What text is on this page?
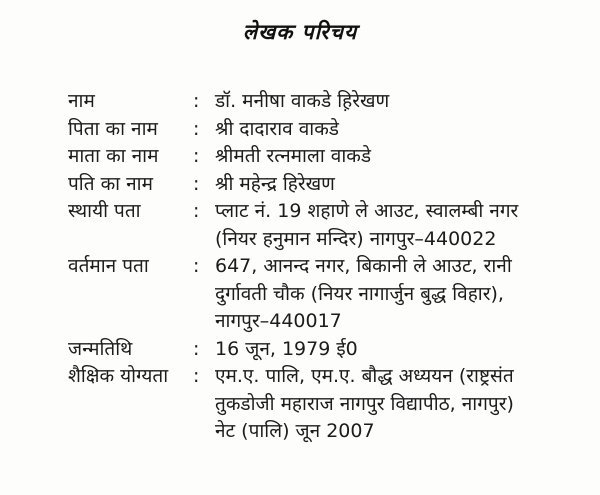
लेखक परिचय
नाम	: डॉ. मनीषा वाकडे ह़िरेखण
पिता का नाम	: श्री दादाराव वाकडे
माता का नाम	: श्रीमती रत्नमाला वाकडे
पति का नाम	: श्री महेन्द्र हिरेखण
स्थायी पता	: प्लाट नं. 19 शहाणे ले आउट, स्वालम्बी नगर
(नियर हनुमान मन्दिर) नागपुर–440022
वर्तमान पता	: 647, आनन्द नगर, बिकानी ले आउट, रानी
दुर्गावती चौक (नियर नागार्जुन बुद्ध विहार),
नागपुर–440017
जन्मतिथि	: 16 जून, 1979 ई0
शैक्षिक योग्यता	: एम.ए. पालि, एम.ए. बौद्ध अध्ययन (राष्ट्रसंत
तुकडोजी महाराज नागपुर विद्यापीठ, नागपुर)
नेट (पालि) जून 2007
